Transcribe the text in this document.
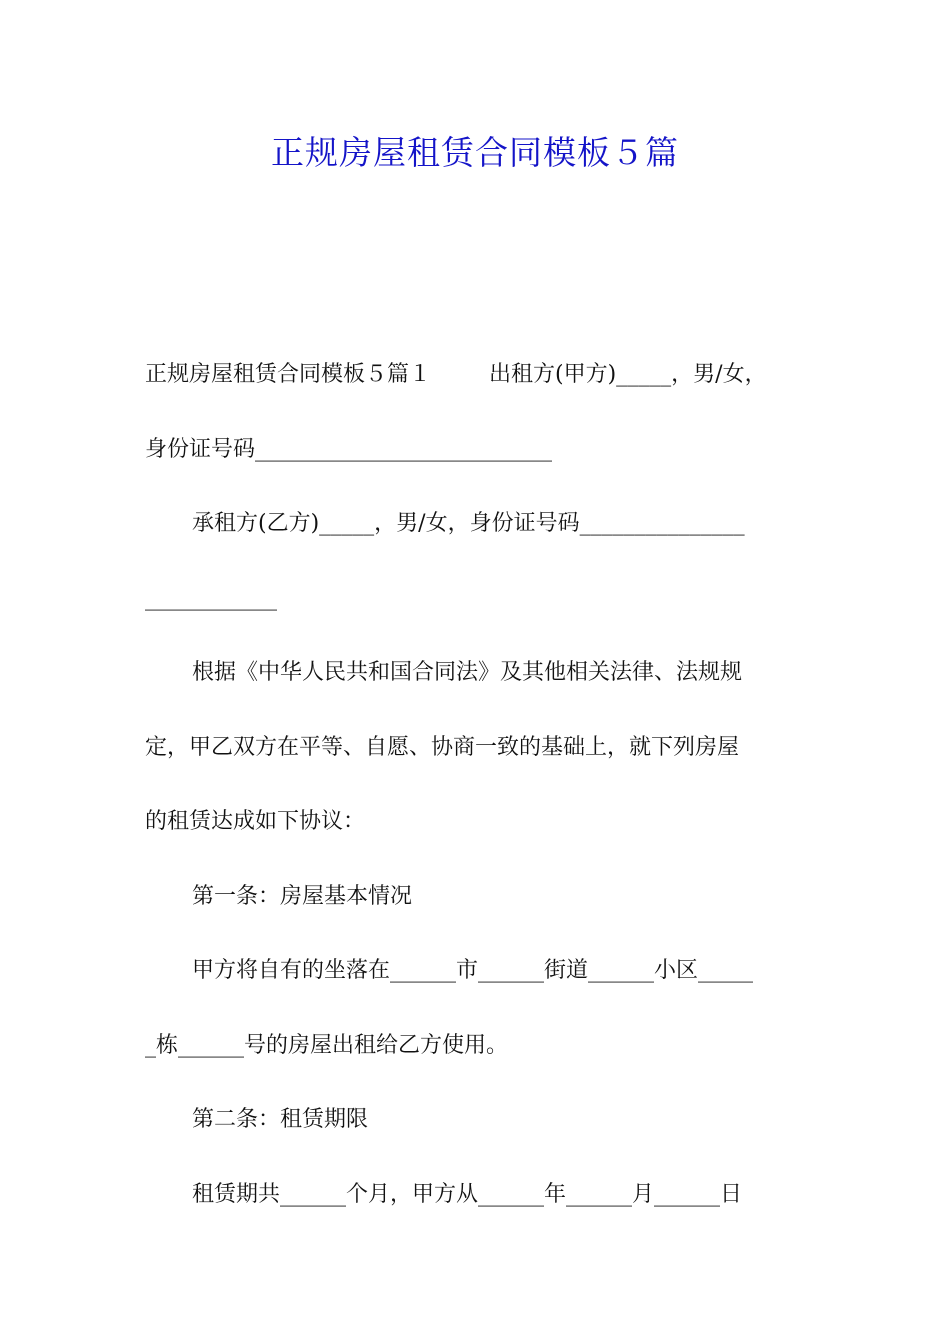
正规房屋租赁合同模板５篇

正规房屋租赁合同模板５篇１	出租方(甲方)_____，男/女，

身份证号码___________________________

承租方(乙方)_____，男/女，身份证号码_______________

____________

根据《中华人民共和国合同法》及其他相关法律、法规规

定，甲乙双方在平等、自愿、协商一致的基础上，就下列房屋

的租赁达成如下协议：

第一条：房屋基本情况

甲方将自有的坐落在______市______街道______小区_____

_栋______号的房屋出租给乙方使用。

第二条：租赁期限

租赁期共______个月，甲方从______年______月______日
